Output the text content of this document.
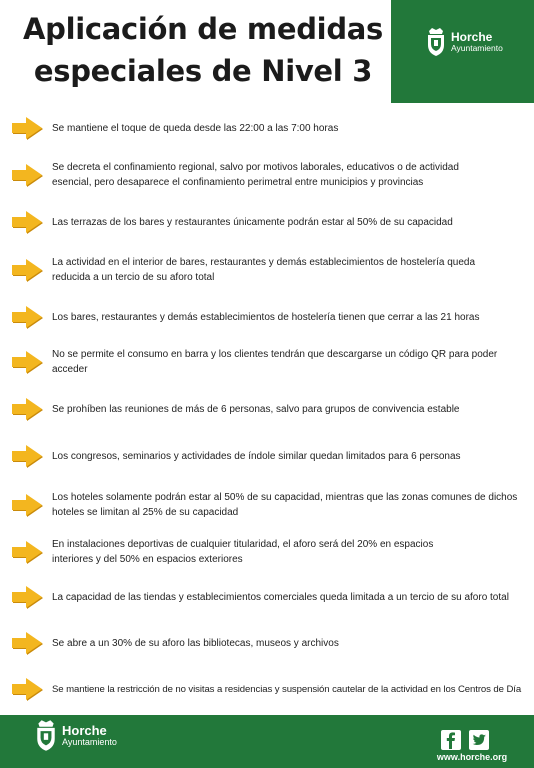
Aplicación de medidas
especiales de Nivel 3
Horche
Ayuntamiento
Se mantiene el toque de queda desde las 22:00 a las 7:00 horas
Se decreta el confinamiento regional, salvo por motivos laborales, educativos o de actividad esencial, pero desaparece el confinamiento perimetral entre municipios y provincias
Las terrazas de los bares y restaurantes únicamente podrán estar al 50% de su capacidad
La actividad en el interior de bares, restaurantes y demás establecimientos de hostelería queda reducida a un tercio de su aforo total
Los bares, restaurantes y demás establecimientos de hostelería tienen que cerrar a las 21 horas
No se permite el consumo en barra y los clientes tendrán que descargarse un código QR para poder acceder
Se prohíben las reuniones de más de 6 personas, salvo para grupos de convivencia estable
Los congresos, seminarios y actividades de índole similar quedan limitados para 6 personas
Los hoteles solamente podrán estar al 50% de su capacidad, mientras que las zonas comunes de dichos hoteles se limitan al 25% de su capacidad
En instalaciones deportivas de cualquier titularidad, el aforo será del 20% en espacios interiores y del 50% en espacios exteriores
La capacidad de las tiendas y establecimientos comerciales queda limitada a un tercio de su aforo total
Se abre a un 30% de su aforo las bibliotecas, museos y archivos
Se mantiene la restricción de no visitas a residencias y suspensión cautelar de la actividad en los Centros de Día
Horche
Ayuntamiento
www.horche.org
